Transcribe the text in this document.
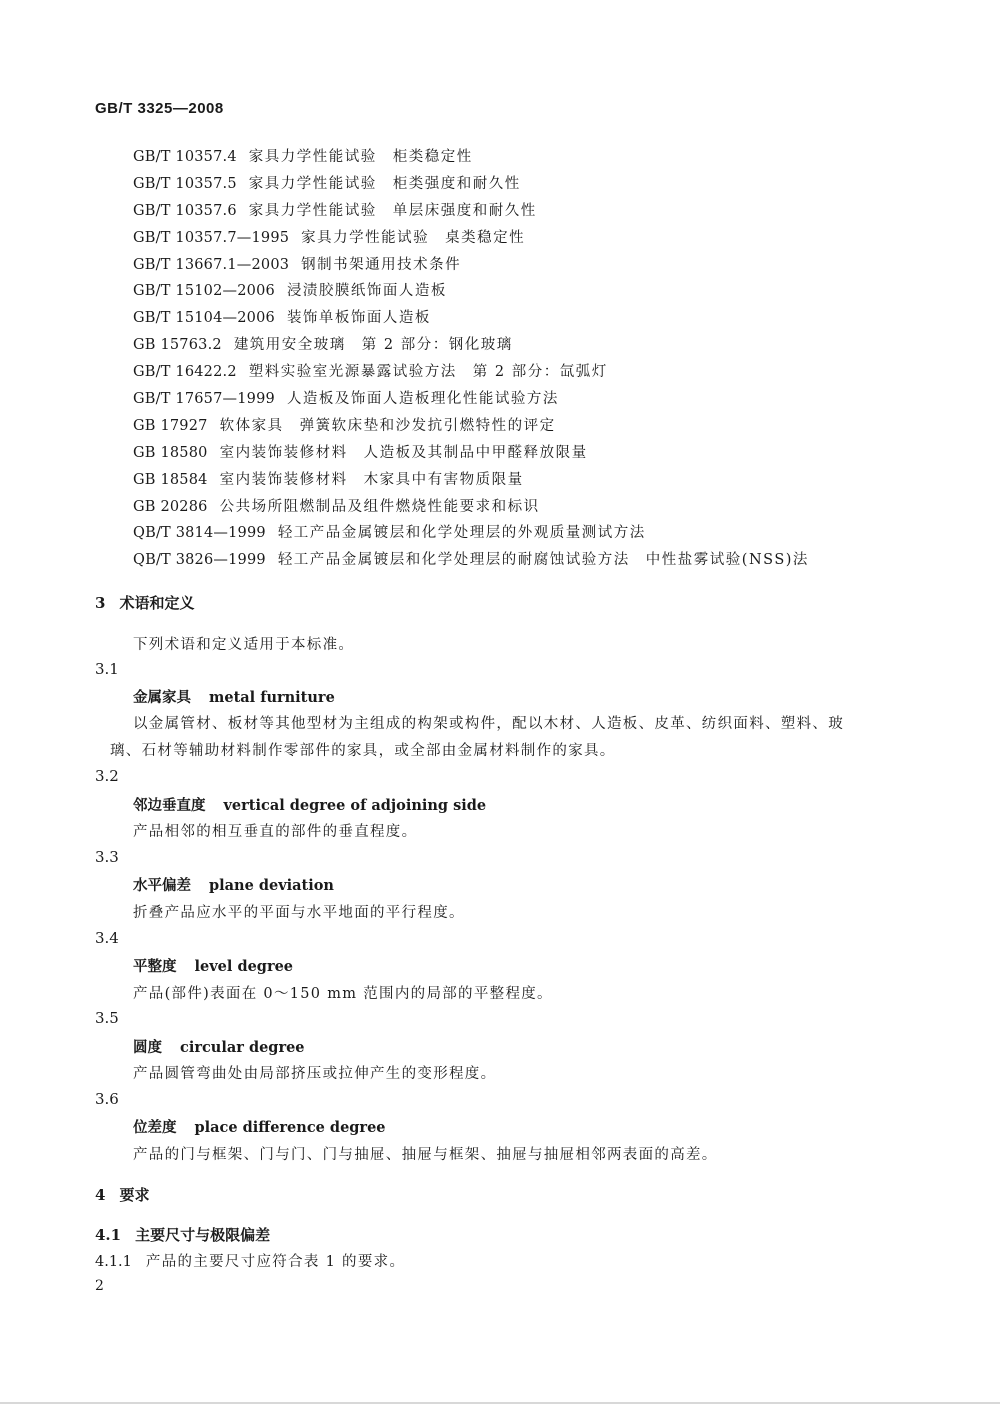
GB/T 3325—2008
GB/T 10357.4 家具力学性能试验　柜类稳定性
GB/T 10357.5 家具力学性能试验　柜类强度和耐久性
GB/T 10357.6 家具力学性能试验　单层床强度和耐久性
GB/T 10357.7—1995 家具力学性能试验　桌类稳定性
GB/T 13667.1—2003 钢制书架通用技术条件
GB/T 15102—2006 浸渍胶膜纸饰面人造板
GB/T 15104—2006 装饰单板饰面人造板
GB 15763.2 建筑用安全玻璃　第 2 部分：钢化玻璃
GB/T 16422.2 塑料实验室光源暴露试验方法　第 2 部分：氙弧灯
GB/T 17657—1999 人造板及饰面人造板理化性能试验方法
GB 17927 软体家具　弹簧软床垫和沙发抗引燃特性的评定
GB 18580 室内装饰装修材料　人造板及其制品中甲醛释放限量
GB 18584 室内装饰装修材料　木家具中有害物质限量
GB 20286 公共场所阻燃制品及组件燃烧性能要求和标识
QB/T 3814—1999 轻工产品金属镀层和化学处理层的外观质量测试方法
QB/T 3826—1999 轻工产品金属镀层和化学处理层的耐腐蚀试验方法　中性盐雾试验(NSS)法
3 术语和定义
下列术语和定义适用于本标准。
3.1
金属家具 metal furniture
以金属管材、板材等其他型材为主组成的构架或构件，配以木材、人造板、皮革、纺织面料、塑料、玻
璃、石材等辅助材料制作零部件的家具，或全部由金属材料制作的家具。
3.2
邻边垂直度 vertical degree of adjoining side
产品相邻的相互垂直的部件的垂直程度。
3.3
水平偏差 plane deviation
折叠产品应水平的平面与水平地面的平行程度。
3.4
平整度 level degree
产品(部件)表面在 0～150 mm 范围内的局部的平整程度。
3.5
圆度 circular degree
产品圆管弯曲处由局部挤压或拉伸产生的变形程度。
3.6
位差度 place difference degree
产品的门与框架、门与门、门与抽屉、抽屉与框架、抽屉与抽屉相邻两表面的高差。
4 要求
4.1 主要尺寸与极限偏差
4.1.1 产品的主要尺寸应符合表 1 的要求。
2
